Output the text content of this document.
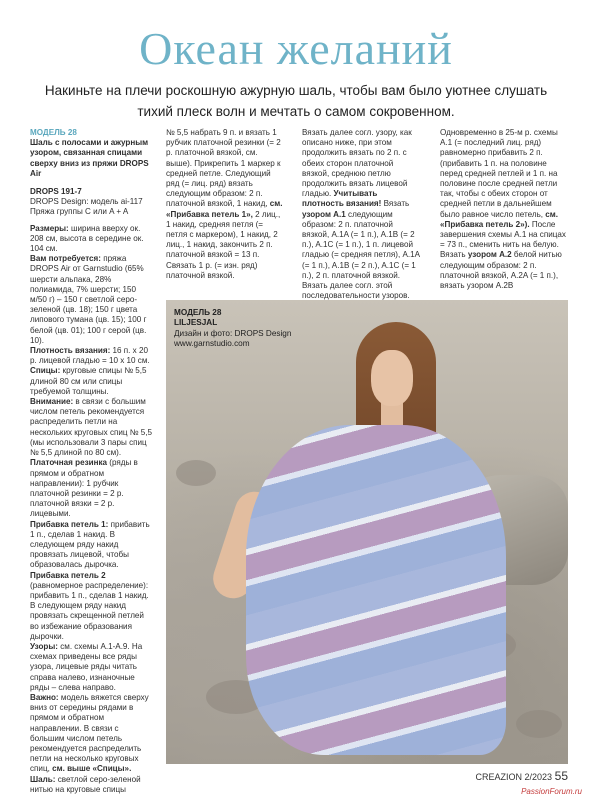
Океан желаний
Накиньте на плечи роскошную ажурную шаль, чтобы вам было уютнее слушать
тихий плеск волн и мечтать о самом сокровенном.

МОДЕЛЬ 28

Шаль с полосами и ажурным узором, связанная спицами сверху вниз из пряжи DROPS Air

DROPS 191-7

DROPS Design: модель ai-117 Пряжа группы C или A + A

Размеры: ширина вверху ок. 208 см, высота в середине ок. 104 см.

Вам потребуется: пряжа DROPS Air от Garnstudio (65% шерсти альпака, 28% полиамида, 7% шерсти; 150 м/50 г) – 150 г светлой серо-зеленой (цв. 18); 150 г цвета липового тумана (цв. 15); 100 г белой (цв. 01); 100 г серой (цв. 10).

Плотность вязания: 16 п. х 20 р. лицевой гладью = 10 х 10 см.

Спицы: круговые спицы № 5,5 длиной 80 см или спицы требуемой толщины.

Внимание: в связи с большим числом петель рекомендуется распределить петли на нескольких круговых спиц № 5,5 (мы использовали 3 пары спиц № 5,5 длиной по 80 см).

Платочная резинка (ряды в прямом и обратном направлении): 1 рубчик платочной резинки = 2 р. платочной вязки = 2 р. лицевыми.

Прибавка петель 1: прибавить 1 п., сделав 1 накид. В следующем ряду накид провязать лицевой, чтобы образовалась дырочка.

Прибавка петель 2 (равномерное распределение): прибавить 1 п., сделав 1 накид. В следующем ряду накид провязать скрещенной петлей во избежание образования дырочки.

Узоры: см. схемы A.1-A.9. На схемах приведены все ряды узора, лицевые ряды читать справа налево, изнаночные ряды – слева направо.

Важно: модель вяжется сверху вниз от середины рядами в прямом и обратном направлении. В связи с большим числом петель рекомендуется распределить петли на несколько круговых спиц, см. выше «Спицы».

Шаль: светлой серо-зеленой нитью на круговые спицы

№ 5,5 набрать 9 п. и вязать 1 рубчик платочной резинки (= 2 р. платочной вязкой, см. выше). Прикрепить 1 маркер к средней петле. Следующий ряд (= лиц. ряд) вязать следующим образом: 2 п. платочной вязкой, 1 накид, см. «Прибавка петель 1», 2 лиц., 1 накид, средняя петля (= петля с маркером), 1 накид, 2 лиц., 1 накид, закончить 2 п. платочной вязкой = 13 п. Связать 1 р. (= изн. ряд) платочной вязкой.

Вязать далее согл. узору, как описано ниже, при этом продолжить вязать по 2 п. с обеих сторон платочной вязкой, среднюю петлю продолжить вязать лицевой гладью. Учитывать плотность вязания! Вязать узором A.1 следующим образом: 2 п. платочной вязкой, A.1A (= 1 п.), A.1B (= 2 п.), A.1C (= 1 п.), 1 п. лицевой гладью (= средняя петля), A.1A (= 1 п.), A.1B (= 2 п.), A.1C (= 1 п.), 2 п. платочной вязкой. Вязать далее согл. этой последовательности узоров.

Одновременно в 25-м р. схемы A.1 (= последний лиц. ряд) равномерно прибавить 2 п. (прибавить 1 п. на половине перед средней петлей и 1 п. на половине после средней петли так, чтобы с обеих сторон от средней петли в дальнейшем было равное число петель, см. «Прибавка петель 2»). После завершения схемы A.1 на спицах = 73 п., сменить нить на белую. Вязать узором A.2 белой нитью следующим образом: 2 п. платочной вязкой, A.2A (= 1 п.), вязать узором A.2B

МОДЕЛЬ 28
LILJESJAL
Дизайн и фото: DROPS Design
www.garnstudio.com
CREAZION 2/2023 55
PassionForum.ru
